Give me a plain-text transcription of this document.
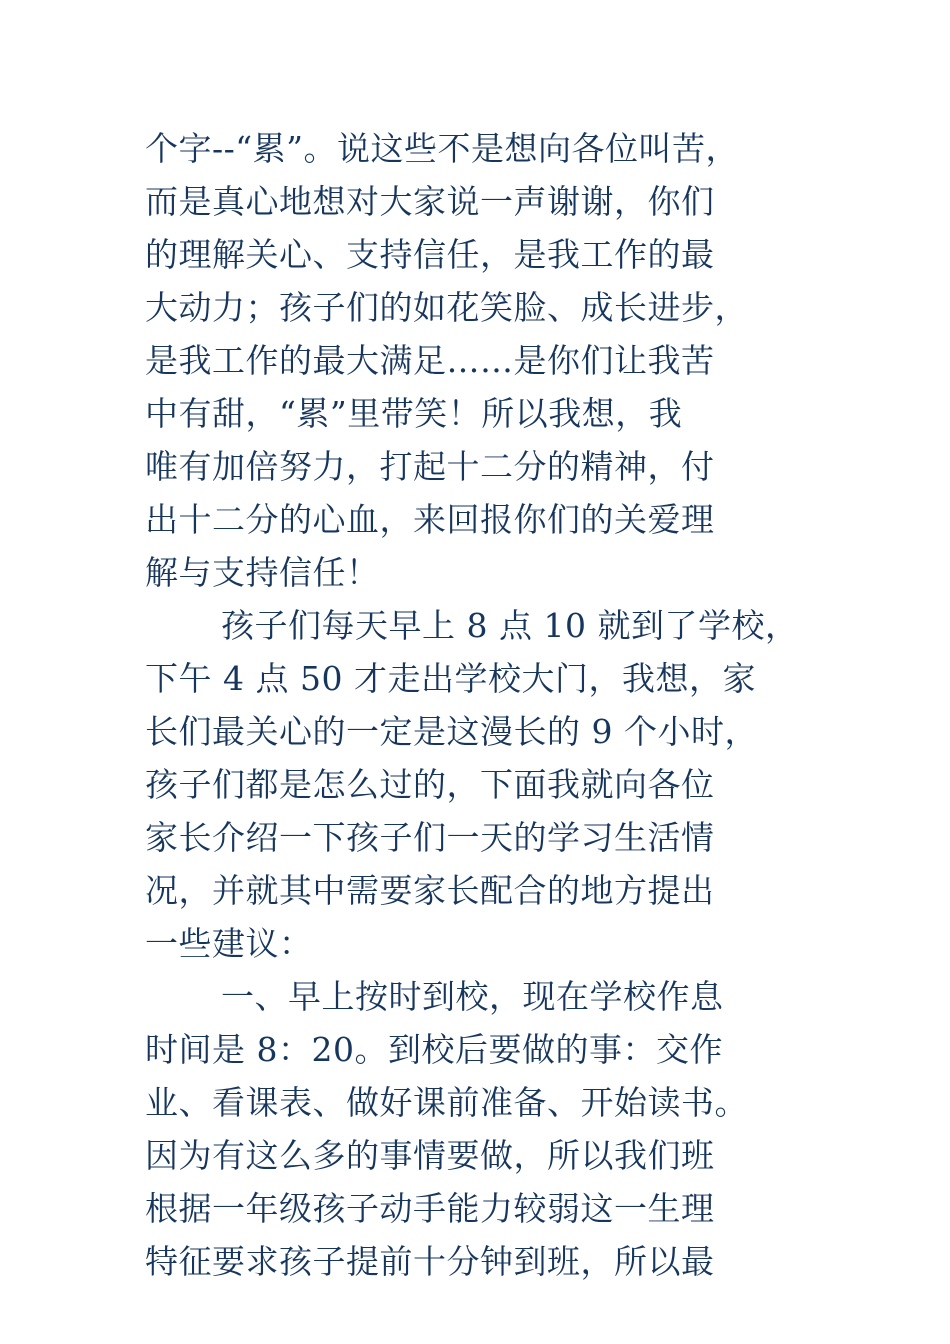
个字--“累”。说这些不是想向各位叫苦，
而是真心地想对大家说一声谢谢，你们
的理解关心、支持信任，是我工作的最
大动力；孩子们的如花笑脸、成长进步，
是我工作的最大满足……是你们让我苦
中有甜，“累”里带笑！所以我想，我
唯有加倍努力，打起十二分的精神，付
出十二分的心血，来回报你们的关爱理
解与支持信任！
孩子们每天早上 8 点 10 就到了学校，
下午 4 点 50 才走出学校大门，我想，家
长们最关心的一定是这漫长的 9 个小时，
孩子们都是怎么过的，下面我就向各位
家长介绍一下孩子们一天的学习生活情
况，并就其中需要家长配合的地方提出
一些建议：
一、早上按时到校，现在学校作息
时间是 8：20。到校后要做的事：交作
业、看课表、做好课前准备、开始读书。
因为有这么多的事情要做，所以我们班
根据一年级孩子动手能力较弱这一生理
特征要求孩子提前十分钟到班，所以最
